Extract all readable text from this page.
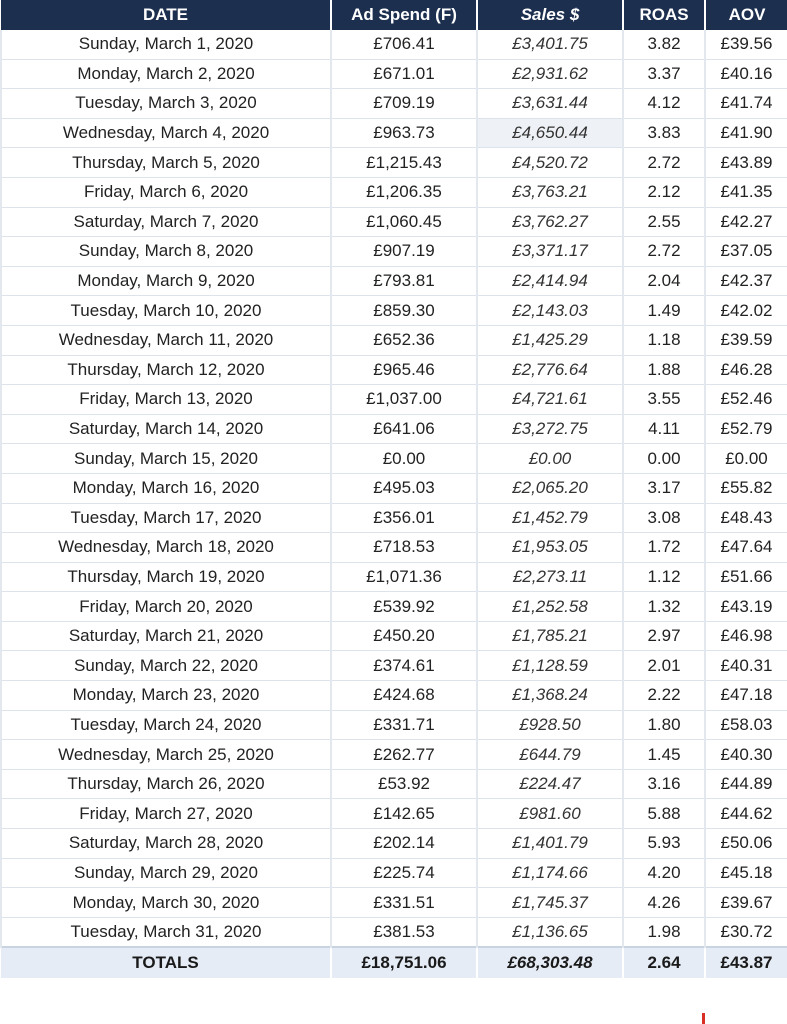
DATE	Ad Spend (F)	Sales $	ROAS	AOV
Sunday, March 1, 2020	£706.41	£3,401.75	3.82	£39.56
Monday, March 2, 2020	£671.01	£2,931.62	3.37	£40.16
Tuesday, March 3, 2020	£709.19	£3,631.44	4.12	£41.74
Wednesday, March 4, 2020	£963.73	£4,650.44	3.83	£41.90
Thursday, March 5, 2020	£1,215.43	£4,520.72	2.72	£43.89
Friday, March 6, 2020	£1,206.35	£3,763.21	2.12	£41.35
Saturday, March 7, 2020	£1,060.45	£3,762.27	2.55	£42.27
Sunday, March 8, 2020	£907.19	£3,371.17	2.72	£37.05
Monday, March 9, 2020	£793.81	£2,414.94	2.04	£42.37
Tuesday, March 10, 2020	£859.30	£2,143.03	1.49	£42.02
Wednesday, March 11, 2020	£652.36	£1,425.29	1.18	£39.59
Thursday, March 12, 2020	£965.46	£2,776.64	1.88	£46.28
Friday, March 13, 2020	£1,037.00	£4,721.61	3.55	£52.46
Saturday, March 14, 2020	£641.06	£3,272.75	4.11	£52.79
Sunday, March 15, 2020	£0.00	£0.00	0.00	£0.00
Monday, March 16, 2020	£495.03	£2,065.20	3.17	£55.82
Tuesday, March 17, 2020	£356.01	£1,452.79	3.08	£48.43
Wednesday, March 18, 2020	£718.53	£1,953.05	1.72	£47.64
Thursday, March 19, 2020	£1,071.36	£2,273.11	1.12	£51.66
Friday, March 20, 2020	£539.92	£1,252.58	1.32	£43.19
Saturday, March 21, 2020	£450.20	£1,785.21	2.97	£46.98
Sunday, March 22, 2020	£374.61	£1,128.59	2.01	£40.31
Monday, March 23, 2020	£424.68	£1,368.24	2.22	£47.18
Tuesday, March 24, 2020	£331.71	£928.50	1.80	£58.03
Wednesday, March 25, 2020	£262.77	£644.79	1.45	£40.30
Thursday, March 26, 2020	£53.92	£224.47	3.16	£44.89
Friday, March 27, 2020	£142.65	£981.60	5.88	£44.62
Saturday, March 28, 2020	£202.14	£1,401.79	5.93	£50.06
Sunday, March 29, 2020	£225.74	£1,174.66	4.20	£45.18
Monday, March 30, 2020	£331.51	£1,745.37	4.26	£39.67
Tuesday, March 31, 2020	£381.53	£1,136.65	1.98	£30.72
TOTALS	£18,751.06	£68,303.48	2.64	£43.87
